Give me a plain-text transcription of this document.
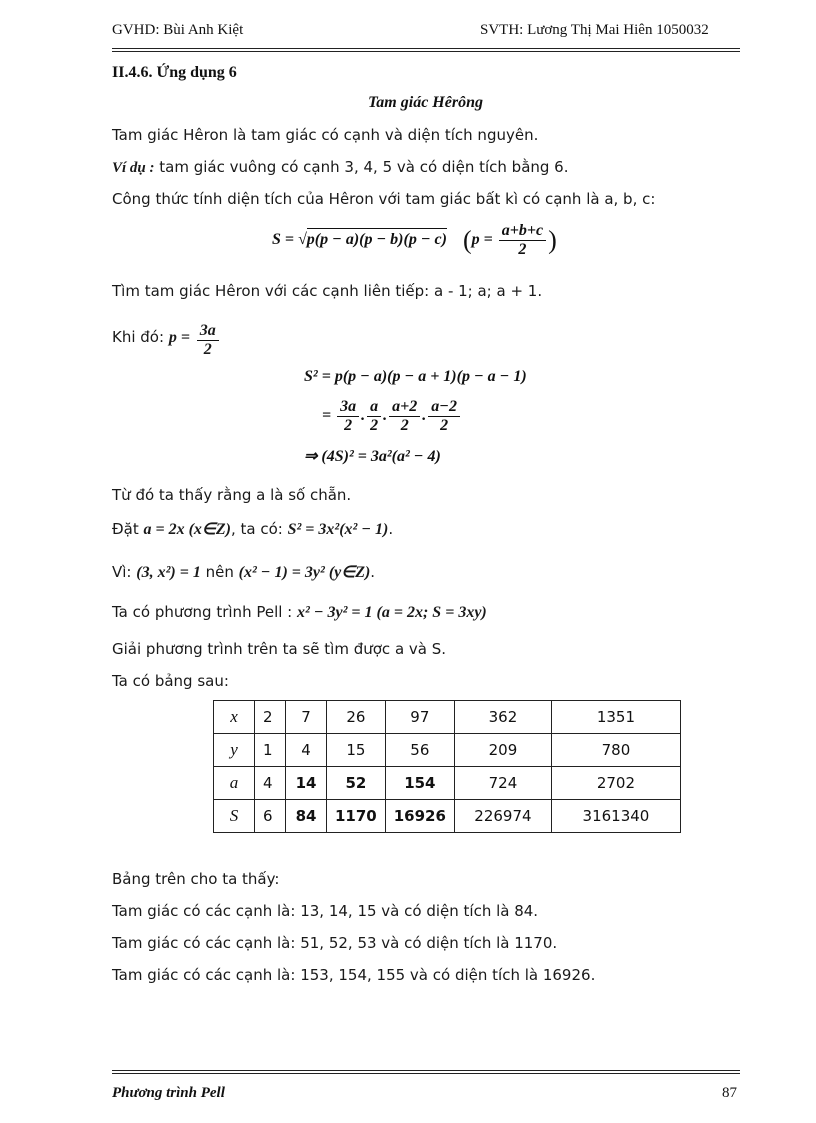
GVHD: Bùi Anh Kiệt	SVTH: Lương Thị Mai Hiên 1050032
II.4.6. Ứng dụng 6
Tam giác Hêrông
Tam giác Hêron là tam giác có cạnh và diện tích nguyên.
Ví dụ : tam giác vuông có cạnh 3, 4, 5 và có diện tích bằng 6.
Công thức tính diện tích của Hêron với tam giác bất kì có cạnh là a, b, c:
S = √p(p − a)(p − b)(p − c) ($p = \frac{a+b+c}{2}$ )
Tìm tam giác Hêron với các cạnh liên tiếp: a - 1; a; a + 1.
Khi đó: $p = \frac{3a}{2}$
S² = p(p − a)(p − a + 1)(p − a − 1)
= $\frac{3a}{2}$ . $\frac{a}{2}$ . $\frac{a+2}{2}$ . $\frac{a-2}{2}$
⇒ (4S)² = 3a²(a² − 4)
Từ đó ta thấy rằng a là số chẵn.
Đặt a = 2x (x∈Z), ta có: S² = 3x²(x² − 1).
Vì: (3, x²) = 1 nên (x² − 1) = 3y² (y∈Z).
Ta có phương trình Pell : x² − 3y² = 1 (a = 2x; S = 3xy)
Giải phương trình trên ta sẽ tìm được a và S.
Ta có bảng sau:
x	2	7	26	97	362	1351
y	1	4	15	56	209	780
a	4	14	52	154	724	2702
S	6	84	1170	16926	226974	3161340
Bảng trên cho ta thấy:
Tam giác có các cạnh là: 13, 14, 15 và có diện tích là 84.
Tam giác có các cạnh là: 51, 52, 53 và có diện tích là 1170.
Tam giác có các cạnh là: 153, 154, 155 và có diện tích là 16926.
Phương trình Pell	87
